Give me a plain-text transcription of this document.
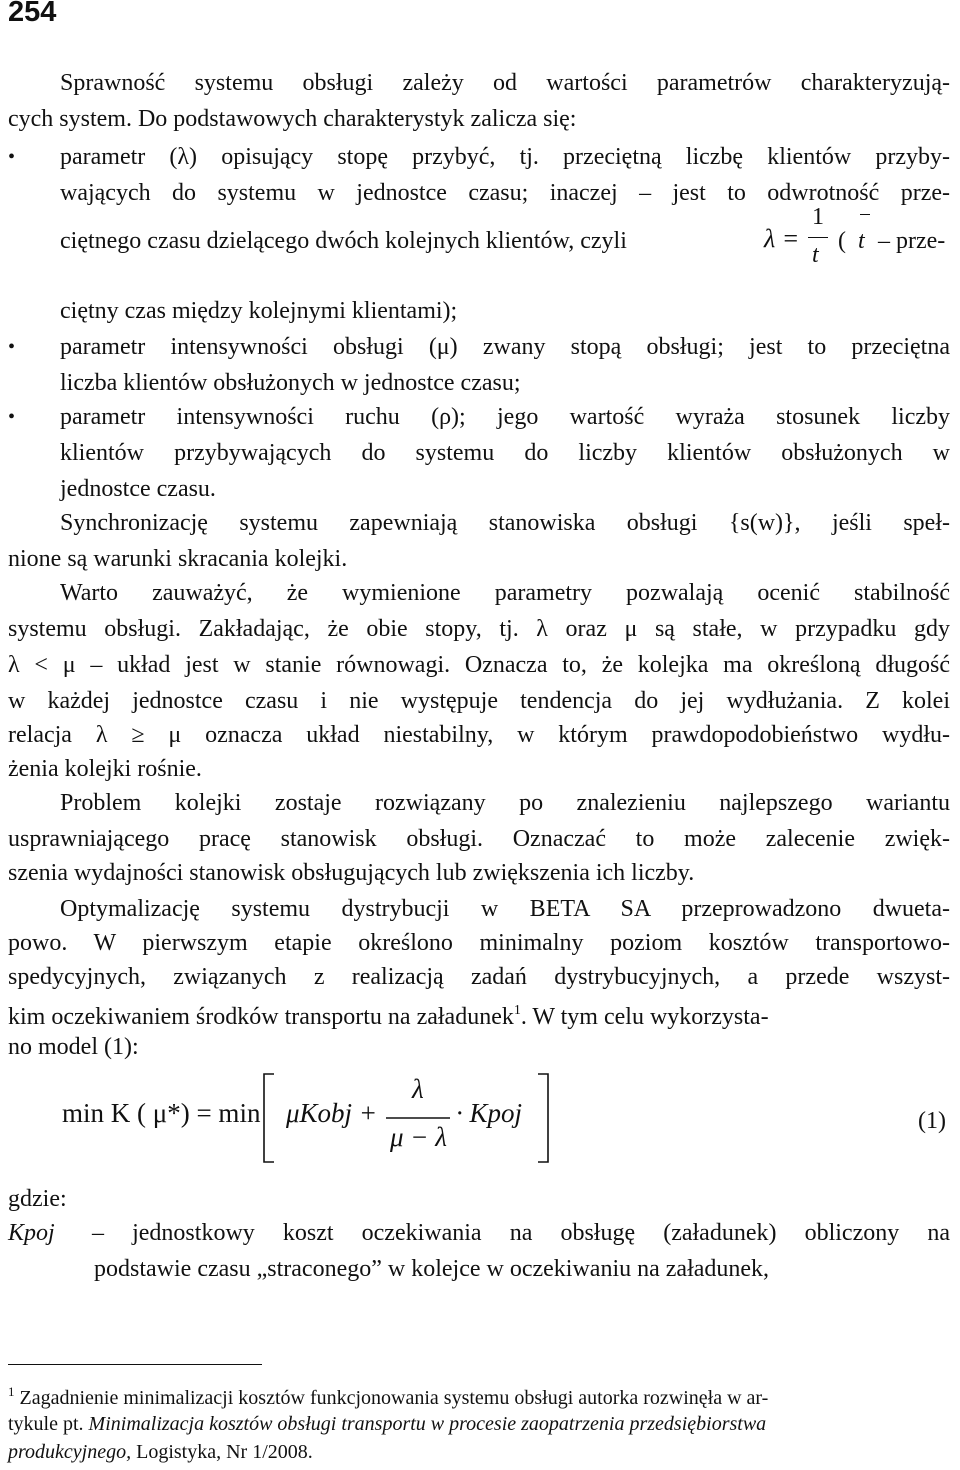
254
Sprawność systemu obsługi zależy od wartości parametrów charakteryzują-
cych system. Do podstawowych charakterystyk zalicza się:
• parametr (λ) opisujący stopę przybyć, tj. przeciętną liczbę klientów przyby-
wających do systemu w jednostce czasu; inaczej – jest to odwrotność prze-
ciętnego czasu dzielącego dwóch kolejnych klientów, czyli	λ =
1
t
( t – prze-
ciętny czas między kolejnymi klientami);
• parametr intensywności obsługi (μ) zwany stopą obsługi; jest to przeciętna
liczba klientów obsłużonych w jednostce czasu;
• parametr intensywności ruchu (ρ); jego wartość wyraża stosunek liczby
klientów przybywających do systemu do liczby klientów obsłużonych w
jednostce czasu.
Synchronizację systemu zapewniają stanowiska obsługi {s(w)}, jeśli speł-
nione są warunki skracania kolejki.
Warto zauważyć, że wymienione parametry pozwalają ocenić stabilność
systemu obsługi. Zakładając, że obie stopy, tj. λ oraz μ są stałe, w przypadku gdy
λ < μ – układ jest w stanie równowagi. Oznacza to, że kolejka ma określoną długość
w każdej jednostce czasu i nie występuje tendencja do jej wydłużania. Z kolei
relacja λ ≥ μ oznacza układ niestabilny, w którym prawdopodobieństwo wydłu-
żenia kolejki rośnie.
Problem kolejki zostaje rozwiązany po znalezieniu najlepszego wariantu
usprawniającego pracę stanowisk obsługi. Oznaczać to może zalecenie zwięk-
szenia wydajności stanowisk obsługujących lub zwiększenia ich liczby.
Optymalizację systemu dystrybucji w BETA SA przeprowadzono dwueta-
powo. W pierwszym etapie określono minimalny poziom kosztów transportowo-
spedycyjnych, związanych z realizacją zadań dystrybucyjnych, a przede wszyst-
kim oczekiwaniem środków transportu na załadunek$^1$. W tym celu wykorzysta-
no model (1):
min K ( μ*) = min μKobj +
λ
μ − λ
· Kpoj	(1)
gdzie:
Kpoj – jednostkowy koszt oczekiwania na obsługę (załadunek) obliczony na
podstawie czasu „straconego” w kolejce w oczekiwaniu na załadunek,
$^1$ Zagadnienie minimalizacji kosztów funkcjonowania systemu obsługi autorka rozwinęła w ar-
tykule pt. Minimalizacja kosztów obsługi transportu w procesie zaopatrzenia przedsiębiorstwa
produkcyjnego, Logistyka, Nr 1/2008.
